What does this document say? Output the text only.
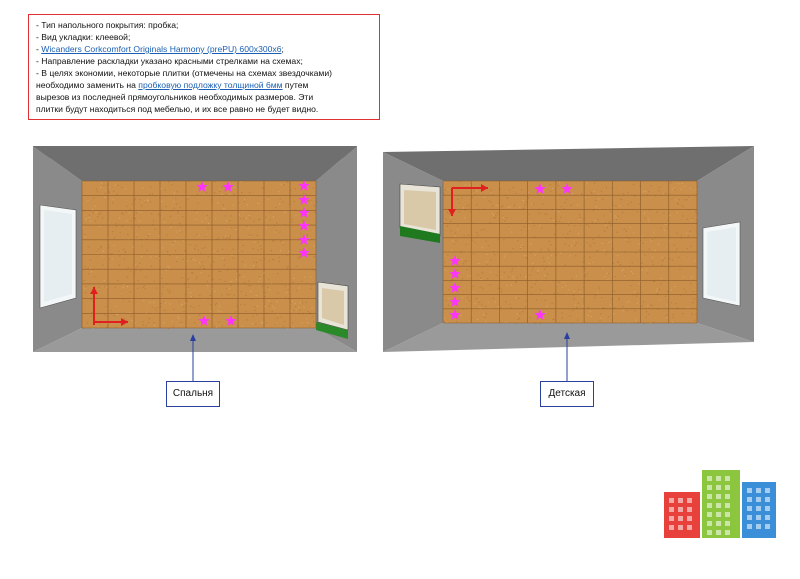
- Тип напольного покрытия: пробка;
- Вид укладки: клеевой;
- Wicanders Corkcomfort Originals Harmony (prePU) 600x300x6;
- Направление раскладки указано красными стрелками на схемах;
- В целях экономии, некоторые плитки (отмечены на схемах звездочками)
необходимо заменить на пробковую подложку толщиной 6мм путем
вырезов из последней прямоугольников необходимых размеров. Эти
плитки будут находиться под мебелью, и их все равно не будет видно.
Спальня	Детская
